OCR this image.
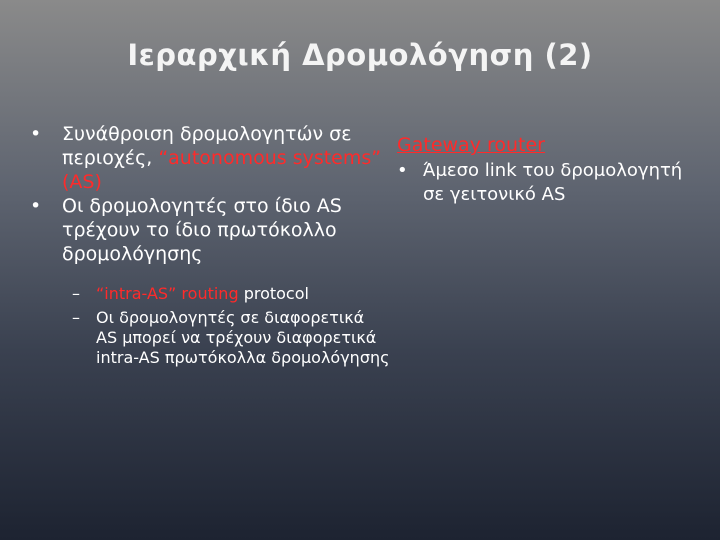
Ιεραρχική Δρομολόγηση (2)
• Συνάθροιση δρομολογητών σε περιοχές, “autonomous systems” (AS)
• Οι δρομολογητές στο ίδιο AS τρέχουν το ίδιο πρωτόκολλο δρομολόγησης
– “intra-AS” routing protocol
– Οι δρομολογητές σε διαφορετικά AS μπορεί να τρέχουν διαφορετικά intra-AS πρωτόκολλα δρομολόγησης
Gateway router
• Άμεσο link του δρομολογητή σε γειτονικό AS
